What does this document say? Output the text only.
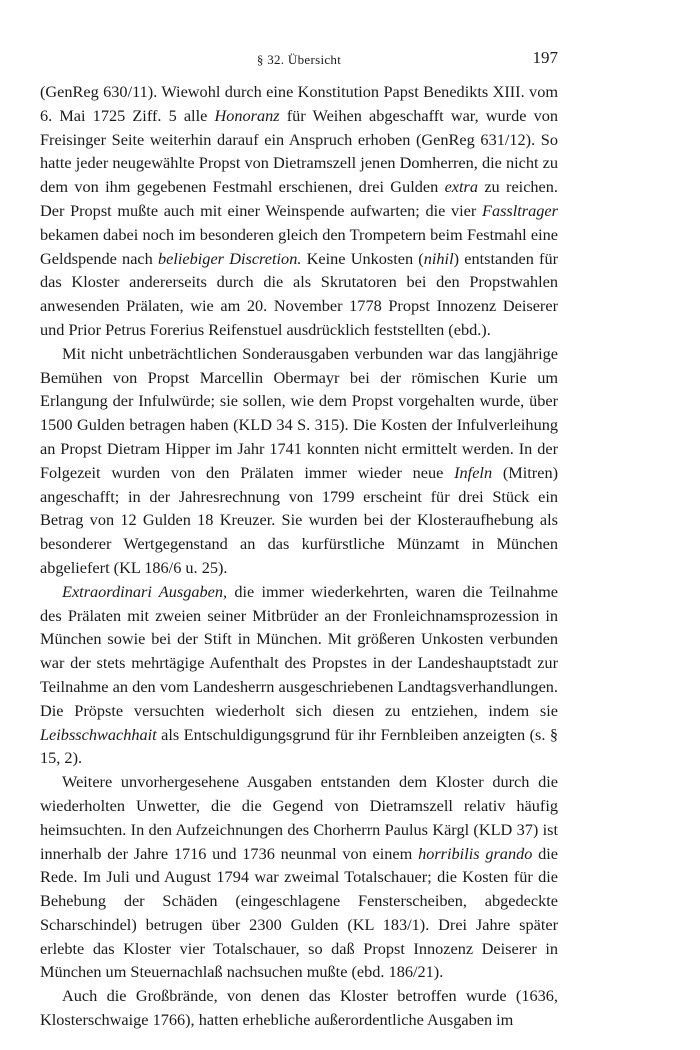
§ 32. Übersicht	197

(GenReg 630/11). Wiewohl durch eine Konstitution Papst Benedikts XIII. vom 6. Mai 1725 Ziff. 5 alle Honoranz für Weihen abgeschafft war, wurde von Freisinger Seite weiterhin darauf ein Anspruch erhoben (GenReg 631/12). So hatte jeder neugewählte Propst von Dietramszell jenen Domherren, die nicht zu dem von ihm gegebenen Festmahl erschienen, drei Gulden extra zu reichen. Der Propst mußte auch mit einer Weinspende aufwarten; die vier Fassltrager bekamen dabei noch im besonderen gleich den Trompetern beim Festmahl eine Geldspende nach beliebiger Discretion. Keine Unkosten (nihil) entstanden für das Kloster andererseits durch die als Skrutatoren bei den Propstwahlen anwesenden Prälaten, wie am 20. November 1778 Propst Innozenz Deiserer und Prior Petrus Forerius Reifenstuel ausdrücklich feststellten (ebd.).

Mit nicht unbeträchtlichen Sonderausgaben verbunden war das langjährige Bemühen von Propst Marcellin Obermayr bei der römischen Kurie um Erlangung der Infulwürde; sie sollen, wie dem Propst vorgehalten wurde, über 1500 Gulden betragen haben (KLD 34 S. 315). Die Kosten der Infulverleihung an Propst Dietram Hipper im Jahr 1741 konnten nicht ermittelt werden. In der Folgezeit wurden von den Prälaten immer wieder neue Infeln (Mitren) angeschafft; in der Jahresrechnung von 1799 erscheint für drei Stück ein Betrag von 12 Gulden 18 Kreuzer. Sie wurden bei der Klosteraufhebung als besonderer Wertgegenstand an das kurfürstliche Münzamt in München abgeliefert (KL 186/6 u. 25).

Extraordinari Ausgaben, die immer wiederkehrten, waren die Teilnahme des Prälaten mit zweien seiner Mitbrüder an der Fronleichnamsprozession in München sowie bei der Stift in München. Mit größeren Unkosten verbunden war der stets mehrtägige Aufenthalt des Propstes in der Landeshauptstadt zur Teilnahme an den vom Landesherrn ausgeschriebenen Landtagsverhandlungen. Die Pröpste versuchten wiederholt sich diesen zu entziehen, indem sie Leibsschwachhait als Entschuldigungsgrund für ihr Fernbleiben anzeigten (s. § 15, 2).

Weitere unvorhergesehene Ausgaben entstanden dem Kloster durch die wiederholten Unwetter, die die Gegend von Dietramszell relativ häufig heimsuchten. In den Aufzeichnungen des Chorherrn Paulus Kärgl (KLD 37) ist innerhalb der Jahre 1716 und 1736 neunmal von einem horribilis grando die Rede. Im Juli und August 1794 war zweimal Totalschauer; die Kosten für die Behebung der Schäden (eingeschlagene Fensterscheiben, abgedeckte Scharschindel) betrugen über 2300 Gulden (KL 183/1). Drei Jahre später erlebte das Kloster vier Totalschauer, so daß Propst Innozenz Deiserer in München um Steuernachlaß nachsuchen mußte (ebd. 186/21).

Auch die Großbrände, von denen das Kloster betroffen wurde (1636, Klosterschwaige 1766), hatten erhebliche außerordentliche Ausgaben im
